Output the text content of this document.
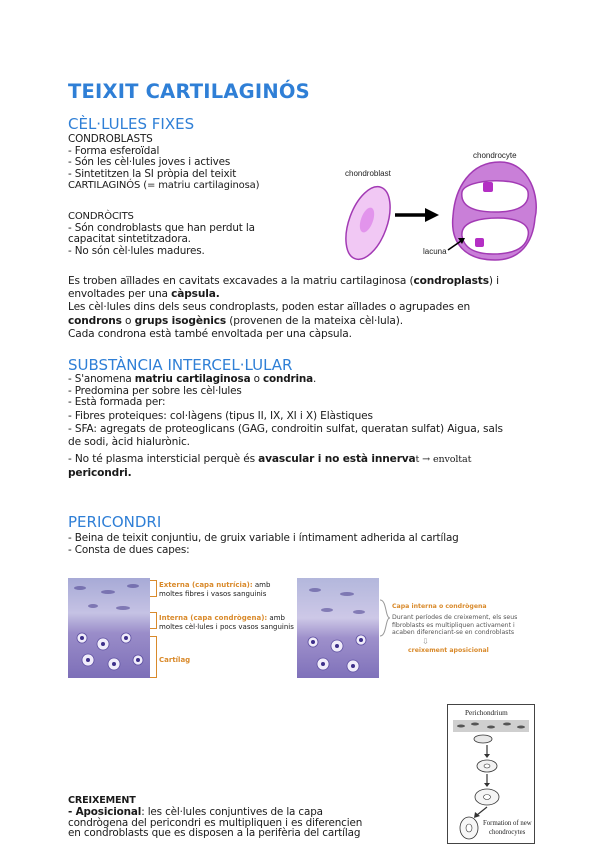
TEIXIT CARTILAGINÓS
CÈL·LULES FIXES
CONDROBLASTS
- Forma esferoïdal
- Són les cèl·lules joves i actives
- Sintetitzen la SI pròpia del teixit
CARTILAGINÓS (= matriu cartilaginosa)
CONDRÒCITS
- Són condroblasts que han perdut la
capacitat sintetitzadora.
- No són cèl·lules madures.
chondroblast
chondrocyte
lacuna
Es troben aïllades en cavitats excavades a la matriu cartilaginosa (condroplasts) i
envoltades per una càpsula.
Les cèl·lules dins dels seus condroplasts, poden estar aïllades o agrupades en
condrons o grups isogènics (provenen de la mateixa cèl·lula).
Cada condrona està també envoltada per una càpsula.
SUBSTÀNCIA INTERCEL·LULAR
- S'anomena matriu cartilaginosa o condrina.
- Predomina per sobre les cèl·lules
- Està formada per:
- Fibres proteiques: col·làgens (tipus II, IX, XI i X) Elàstiques
- SFA: agregats de proteoglicans (GAG, condroitin sulfat, queratan sulfat) Aigua, sals
de sodi, àcid hialurònic.
- No té plasma intersticial perquè és avascular i no està innervat → envoltat
pericondri.
PERICONDRI
- Beina de teixit conjuntiu, de gruix variable i íntimament adherida al cartílag
- Consta de dues capes:
Externa (capa nutrícia): amb
moltes fibres i vasos sanguinis
Interna (capa condrògena): amb
moltes cèl·lules i pocs vasos sanguinis
Cartílag
Capa interna o condrògena
Durant períodes de creixement, els seus
fibroblasts es multipliquen activament i
acaben diferenciant-se en condroblasts
⇩
creixement aposicional
Perichondrium
Formation of new
chondrocytes
CREIXEMENT
- Aposicional: les cèl·lules conjuntives de la capa
condrògena del pericondri es multipliquen i es diferencien
en condroblasts que es disposen a la perifèria del cartílag
